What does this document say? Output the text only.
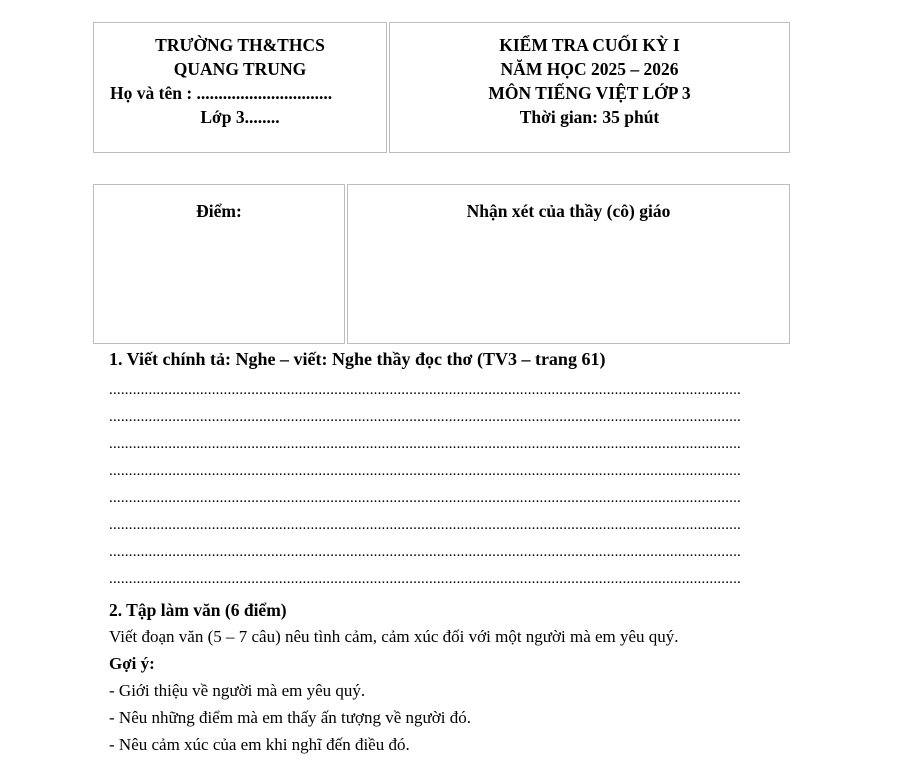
TRƯỜNG TH&THCS
QUANG TRUNG
Họ và tên : ...............................
Lớp 3........
KIỂM TRA CUỐI KỲ I
NĂM HỌC 2025 – 2026
MÔN TIẾNG VIỆT LỚP 3
Thời gian: 35 phút
Điểm:	Nhận xét của thầy (cô) giáo
1. Viết chính tả: Nghe – viết: Nghe thầy đọc thơ (TV3 – trang 61)
................................................................................................................................................................
................................................................................................................................................................
................................................................................................................................................................
................................................................................................................................................................
................................................................................................................................................................
................................................................................................................................................................
................................................................................................................................................................
................................................................................................................................................................
2. Tập làm văn (6 điểm)
Viết đoạn văn (5 – 7 câu) nêu tình cảm, cảm xúc đối với một người mà em yêu quý.
Gợi ý:
- Giới thiệu về người mà em yêu quý.
- Nêu những điểm mà em thấy ấn tượng về người đó.
- Nêu cảm xúc của em khi nghĩ đến điều đó.
